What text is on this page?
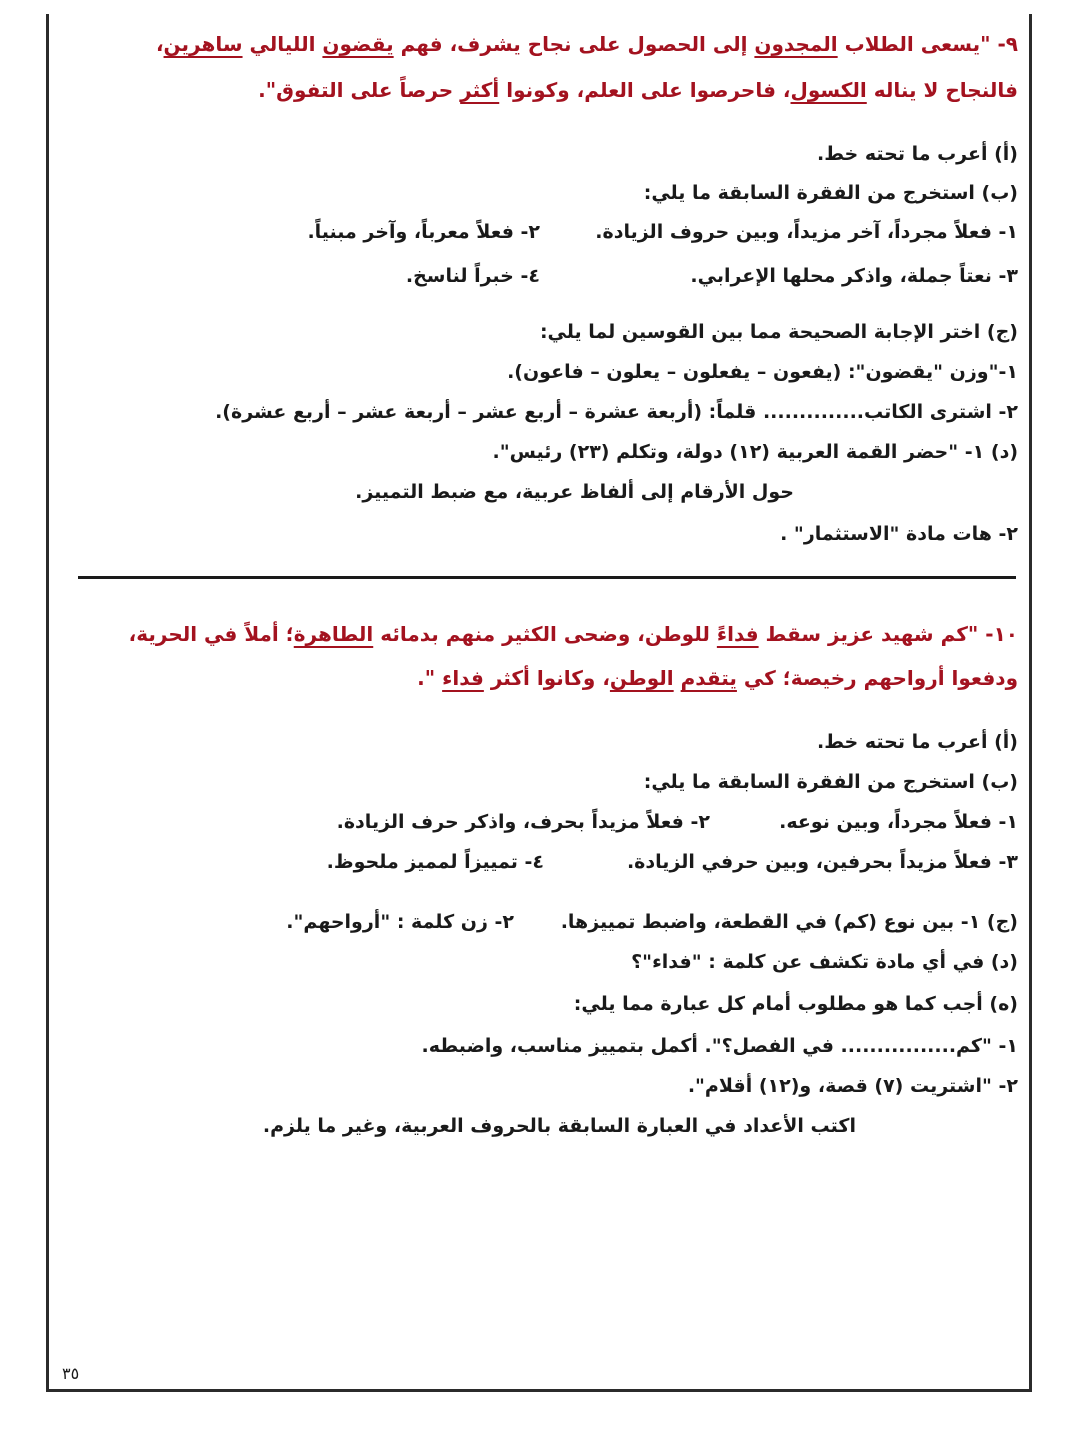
٩- "يسعى الطلاب المجدون إلى الحصول على نجاح يشرف، فهم يقضون الليالي ساهرين،
فالنجاح لا يناله الكسول، فاحرصوا على العلم، وكونوا أكثر حرصاً على التفوق".
(أ) أعرب ما تحته خط.
(ب) استخرج من الفقرة السابقة ما يلي:
١- فعلاً مجرداً، آخر مزيداً، وبين حروف الزيادة.
٢- فعلاً معرباً، وآخر مبنياً.
٣- نعتاً جملة، واذكر محلها الإعرابي.
٤- خبراً لناسخ.
(ج) اختر الإجابة الصحيحة مما بين القوسين لما يلي:
١-"وزن "يقضون": (يفعون – يفعلون – يعلون – فاعون).
٢- اشترى الكاتب.............. قلماً: (أربعة عشرة – أربع عشر – أربعة عشر – أربع عشرة).
(د) ١- "حضر القمة العربية (١٢) دولة، وتكلم (٢٣) رئيس".
حول الأرقام إلى ألفاظ عربية، مع ضبط التمييز.
٢- هات مادة "الاستثمار" .
١٠- "كم شهيد عزيز سقط فداءً للوطن، وضحى الكثير منهم بدمائه الطاهرة؛ أملاً في الحرية،
ودفعوا أرواحهم رخيصة؛ كي يتقدم الوطن، وكانوا أكثر فداء ".
(أ) أعرب ما تحته خط.
(ب) استخرج من الفقرة السابقة ما يلي:
١- فعلاً مجرداً، وبين نوعه.
٢- فعلاً مزيداً بحرف، واذكر حرف الزيادة.
٣- فعلاً مزيداً بحرفين، وبين حرفي الزيادة.
٤- تمييزاً لمميز ملحوظ.
(ج) ١- بين نوع (كم) في القطعة، واضبط تمييزها.
٢- زن كلمة : "أرواحهم".
(د) في أي مادة تكشف عن كلمة : "فداء"؟
(ه) أجب كما هو مطلوب أمام كل عبارة مما يلي:
١- "كم................ في الفصل؟". أكمل بتمييز مناسب، واضبطه.
٢- "اشتريت (٧) قصة، و(١٢) أقلام".
اكتب الأعداد في العبارة السابقة بالحروف العربية، وغير ما يلزم.
٣٥
